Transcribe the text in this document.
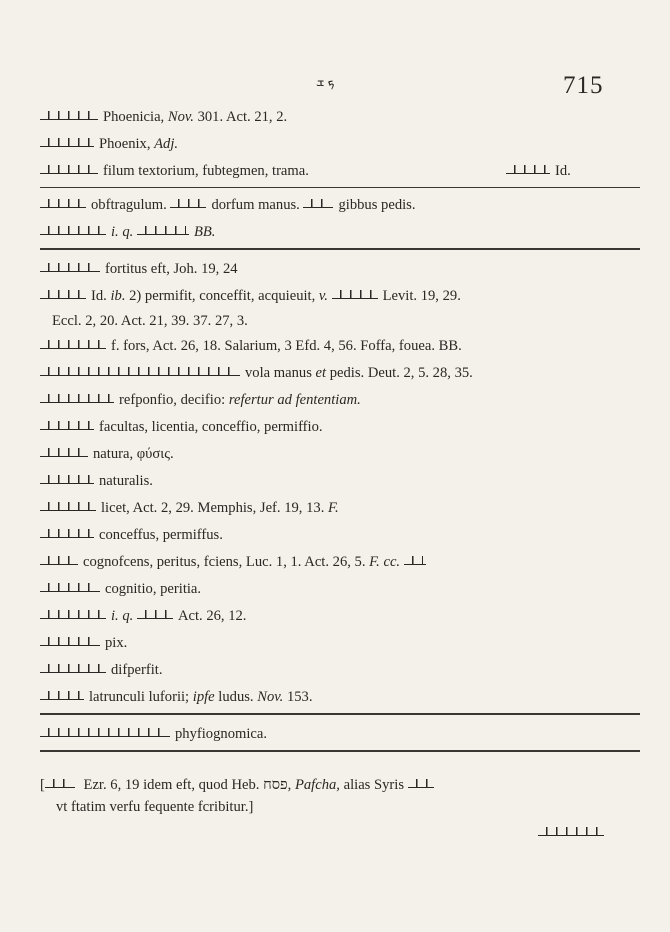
ܟ ܫ	715
Phoenicia, Nov. 301. Act. 21, 2.
Phoenix, Adj.
filum textorium, fubtegmen, trama.	Id.
obftragulum.	dorfum manus. gibbus pedis.
i. q.	BB.
fortitus eft, Joh. 19, 24
Id. ib. 2) permifit, conceffit, acquieuit, v.	Levit. 19, 29.
Eccl. 2, 20. Act. 21, 39. 37. 27, 3.
f. fors, Act. 26, 18. Salarium, 3 Efd. 4, 56. Foffa, fouea. BB.
vola manus et pedis. Deut. 2, 5. 28, 35.
refponfio, decifio: refertur ad fententiam.
facultas, licentia, conceffio, permiffio.
natura, φύσις.
naturalis.
licet, Act. 2, 29. Memphis, Jef. 19, 13. F.
conceffus, permiffus.
cognofcens, peritus, fciens, Luc. 1, 1. Act. 26, 5. F. cc.
cognitio, peritia.
i. q.	Act. 26, 12.
pix.
difperfit.
latrunculi luforii; ipfe ludus. Nov. 153.
phyfiognomica.
[	Ezr. 6, 19 idem eft, quod Heb. פסח, Pafcha, alias Syris
vt ftatim verfu fequente fcribitur.]
